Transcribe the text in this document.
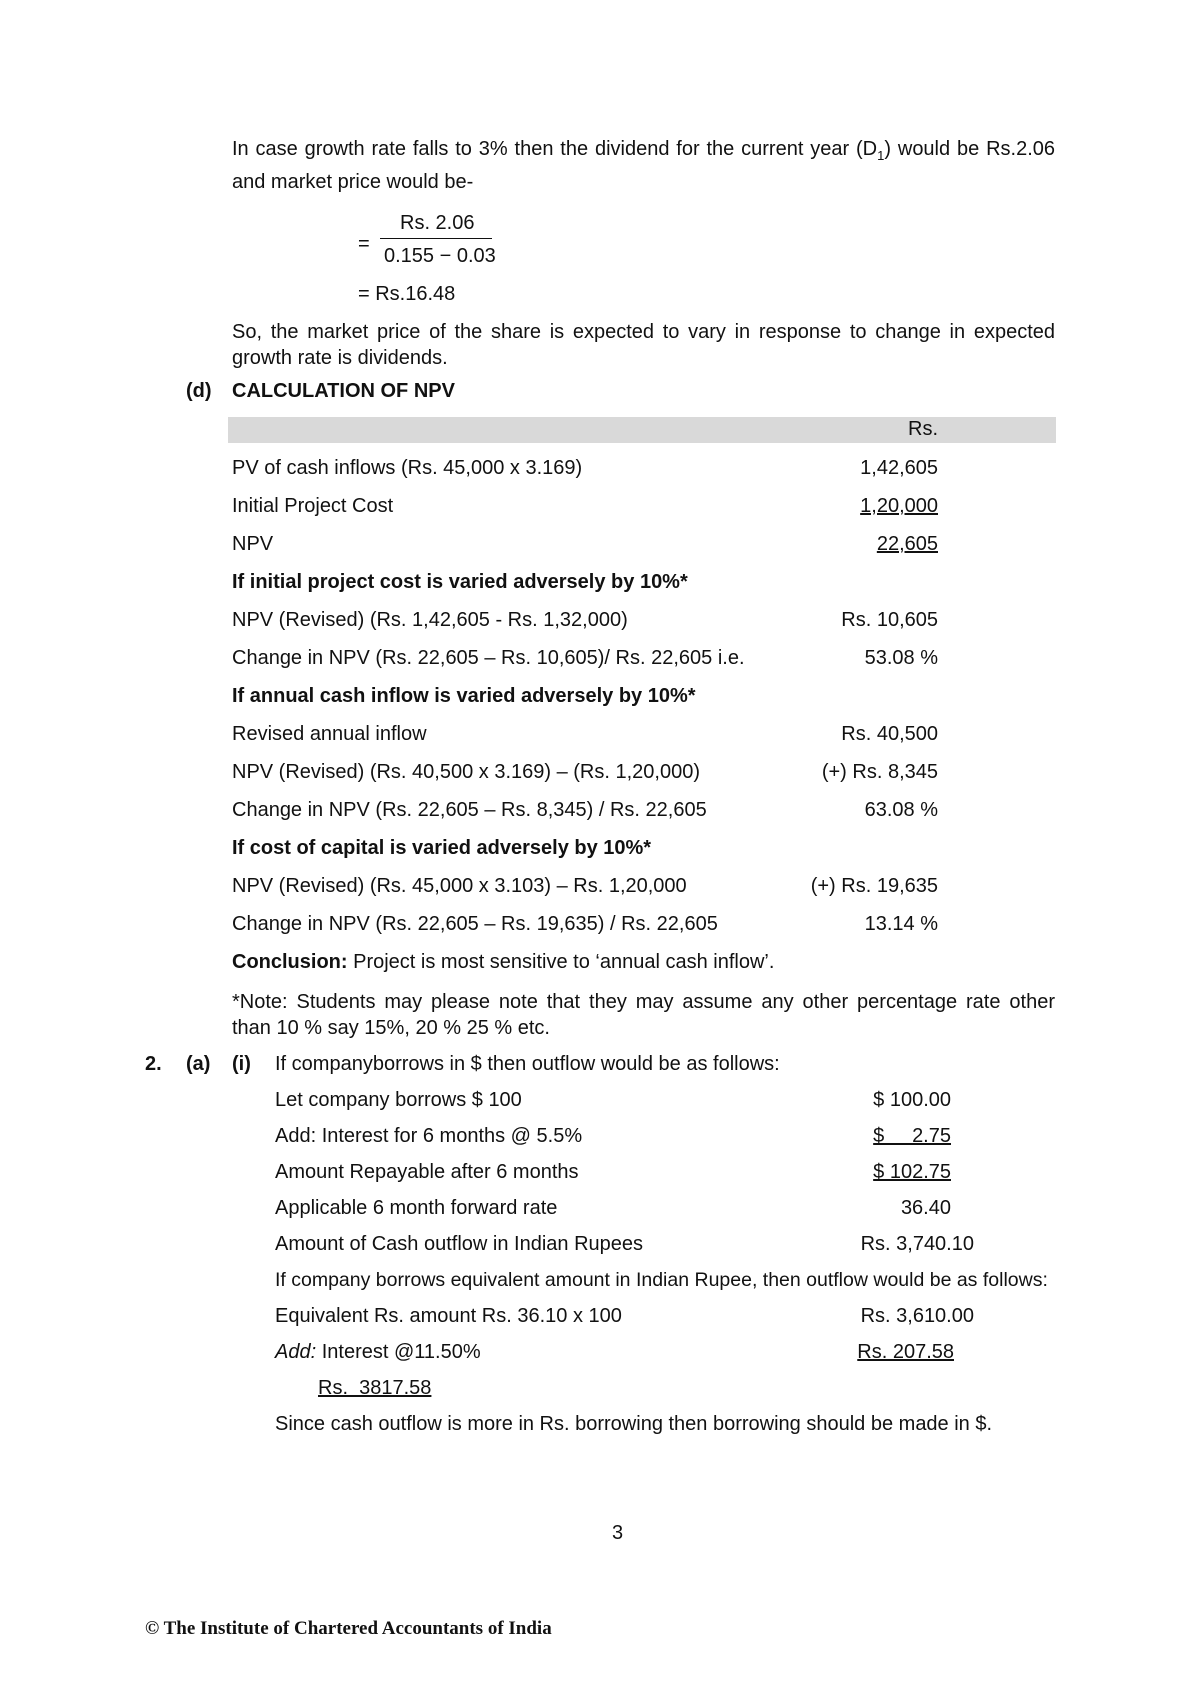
In case growth rate falls to 3% then the dividend for the current year $(D_1)$ would be Rs.2.06 and market price would be-
=
Rs. 2.06
0.155 − 0.03
= Rs.16.48
So, the market price of the share is expected to vary in response to change in expected growth rate is dividends.
(d) CALCULATION OF NPV
Rs.
PV of cash inflows (Rs. 45,000 x 3.169)	1,42,605
Initial Project Cost	1,20,000
NPV	22,605
If initial project cost is varied adversely by 10%*
NPV (Revised) (Rs. 1,42,605 - Rs. 1,32,000)	Rs. 10,605
Change in NPV (Rs. 22,605 – Rs. 10,605)/ Rs. 22,605 i.e.	53.08 %
If annual cash inflow is varied adversely by 10%*
Revised annual inflow	Rs. 40,500
NPV (Revised) (Rs. 40,500 x 3.169) – (Rs. 1,20,000)	(+) Rs. 8,345
Change in NPV (Rs. 22,605 – Rs. 8,345) / Rs. 22,605	63.08 %
If cost of capital is varied adversely by 10%*
NPV (Revised) (Rs. 45,000 x 3.103) – Rs. 1,20,000	(+) Rs. 19,635
Change in NPV (Rs. 22,605 – Rs. 19,635) / Rs. 22,605	13.14 %
Conclusion: Project is most sensitive to ‘annual cash inflow’.
*Note: Students may please note that they may assume any other percentage rate other than 10 % say 15%, 20 % 25 % etc.
2. (a) (i) If companyborrows in $ then outflow would be as follows:
Let company borrows $ 100	$ 100.00
Add: Interest for 6 months @ 5.5%	$     2.75
Amount Repayable after 6 months	$ 102.75
Applicable 6 month forward rate	36.40
Amount of Cash outflow in Indian Rupees	Rs. 3,740.10
If company borrows equivalent amount in Indian Rupee, then outflow would be as follows:
Equivalent Rs. amount Rs. 36.10 x 100	Rs. 3,610.00
Add: Interest @11.50%	Rs. 207.58
Rs.  3817.58
Since cash outflow is more in Rs. borrowing then borrowing should be made in $.
3
© The Institute of Chartered Accountants of India
